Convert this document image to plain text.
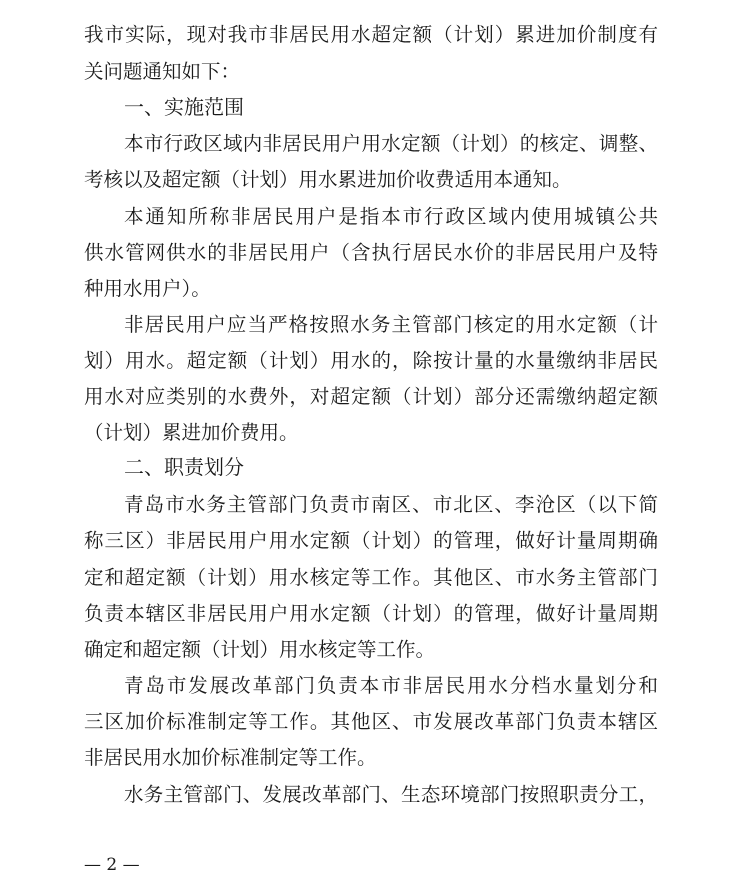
我市实际，现对我市非居民用水超定额（计划）累进加价制度有
关问题通知如下：
一、实施范围
本市行政区域内非居民用户用水定额（计划）的核定、调整、
考核以及超定额（计划）用水累进加价收费适用本通知。
本通知所称非居民用户是指本市行政区域内使用城镇公共
供水管网供水的非居民用户（含执行居民水价的非居民用户及特
种用水用户）。
非居民用户应当严格按照水务主管部门核定的用水定额（计
划）用水。超定额（计划）用水的，除按计量的水量缴纳非居民
用水对应类别的水费外，对超定额（计划）部分还需缴纳超定额
（计划）累进加价费用。
二、职责划分
青岛市水务主管部门负责市南区、市北区、李沧区（以下简
称三区）非居民用户用水定额（计划）的管理，做好计量周期确
定和超定额（计划）用水核定等工作。其他区、市水务主管部门
负责本辖区非居民用户用水定额（计划）的管理，做好计量周期
确定和超定额（计划）用水核定等工作。
青岛市发展改革部门负责本市非居民用水分档水量划分和
三区加价标准制定等工作。其他区、市发展改革部门负责本辖区
非居民用水加价标准制定等工作。
水务主管部门、发展改革部门、生态环境部门按照职责分工，
— 2 —
